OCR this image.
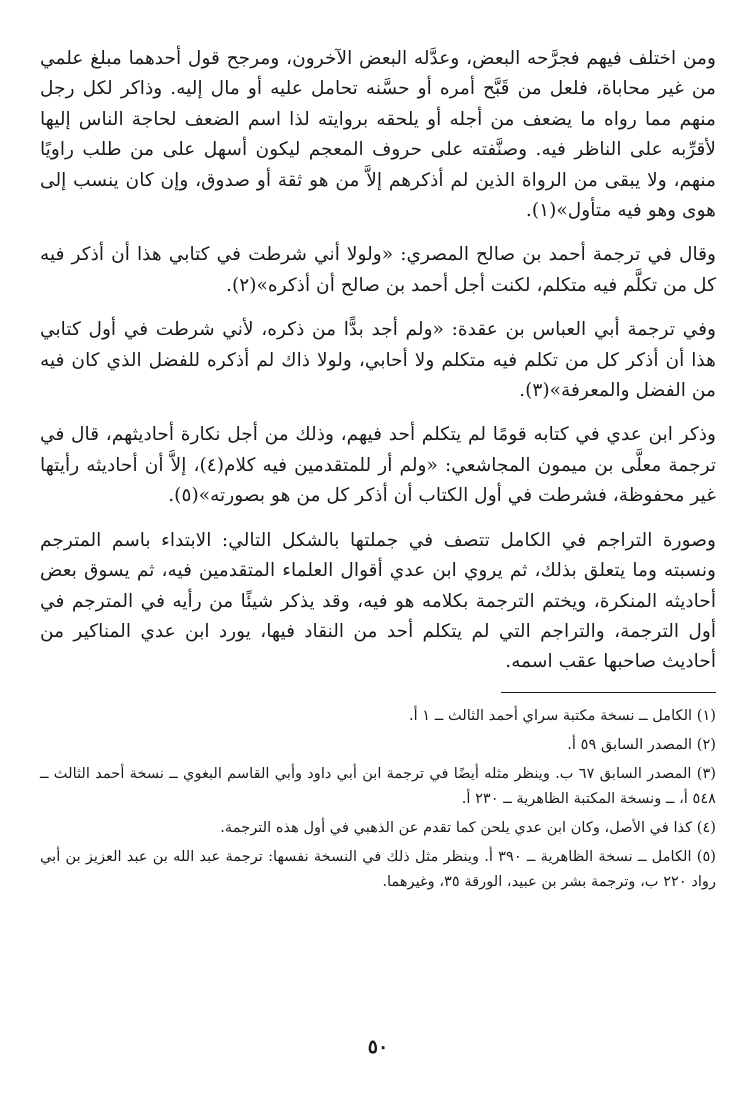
ومن اختلف فيهم فجرَّحه البعض، وعدَّله البعض الآخرون، ومرجح قول أحدهما مبلغ علمي من غير محاباة، فلعل من قَبَّح أمره أو حسَّنه تحامل عليه أو مال إليه. وذاكر لكل رجل منهم مما رواه ما يضعف من أجله أو يلحقه بروايته لذا اسم الضعف لحاجة الناس إليها لأقرِّبه على الناظر فيه. وصنَّفته على حروف المعجم ليكون أسهل على من طلب راويًا منهم، ولا يبقى من الرواة الذين لم أذكرهم إلاَّ من هو ثقة أو صدوق، وإن كان ينسب إلى هوى وهو فيه متأول»(١).

وقال في ترجمة أحمد بن صالح المصري: «ولولا أني شرطت في كتابي هذا أن أذكر فيه كل من تكلَّم فيه متكلم، لكنت أجل أحمد بن صالح أن أذكره»(٢).

وفي ترجمة أبي العباس بن عقدة: «ولم أجد بدًّا من ذكره، لأني شرطت في أول كتابي هذا أن أذكر كل من تكلم فيه متكلم ولا أحابي، ولولا ذاك لم أذكره للفضل الذي كان فيه من الفضل والمعرفة»(٣).

وذكر ابن عدي في كتابه قومًا لم يتكلم أحد فيهم، وذلك من أجل نكارة أحاديثهم، قال في ترجمة معلَّى بن ميمون المجاشعي: «ولم أر للمتقدمين فيه كلام(٤)، إلاَّ أن أحاديثه رأيتها غير محفوظة، فشرطت في أول الكتاب أن أذكر كل من هو بصورته»(٥).

وصورة التراجم في الكامل تتصف في جملتها بالشكل التالي: الابتداء باسم المترجم ونسبته وما يتعلق بذلك، ثم يروي ابن عدي أقوال العلماء المتقدمين فيه، ثم يسوق بعض أحاديثه المنكرة، ويختم الترجمة بكلامه هو فيه، وقد يذكر شيئًا من رأيه في المترجم في أول الترجمة، والتراجم التي لم يتكلم أحد من النقاد فيها، يورد ابن عدي المناكير من أحاديث صاحبها عقب اسمه.

(١) الكامل ــ نسخة مكتبة سراي أحمد الثالث ــ ١ أ.

(٢) المصدر السابق ٥٩ أ.

(٣) المصدر السابق ٦٧ ب. وينظر مثله أيضًا في ترجمة ابن أبي داود وأبي القاسم البغوي ــ نسخة أحمد الثالث ــ ٥٤٨ أ، ــ ونسخة المكتبة الظاهرية ــ ٢٣٠ أ.

(٤) كذا في الأصل، وكان ابن عدي يلحن كما تقدم عن الذهبي في أول هذه الترجمة.

(٥) الكامل ــ نسخة الظاهرية ــ ٣٩٠ أ. وينظر مثل ذلك في النسخة نفسها: ترجمة عبد الله بن عبد العزيز بن أبي رواد ٢٢٠ ب، وترجمة بشر بن عبيد، الورقة ٣٥، وغيرهما.

٥٠
